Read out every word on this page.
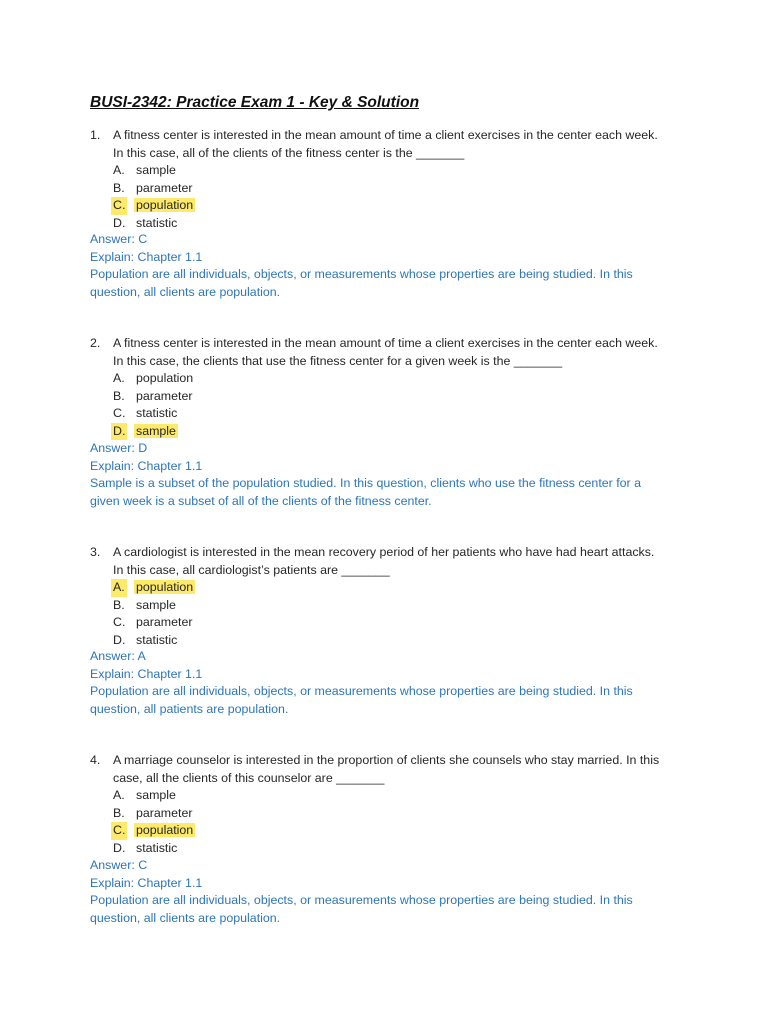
BUSI-2342: Practice Exam 1 - Key & Solution
1. A fitness center is interested in the mean amount of time a client exercises in the center each week.
In this case, all of the clients of the fitness center is the _______
A. sample
B. parameter
C. population
D. statistic
Answer: C
Explain: Chapter 1.1
Population are all individuals, objects, or measurements whose properties are being studied. In this
question, all clients are population.
2. A fitness center is interested in the mean amount of time a client exercises in the center each week.
In this case, the clients that use the fitness center for a given week is the _______
A. population
B. parameter
C. statistic
D. sample
Answer: D
Explain: Chapter 1.1
Sample is a subset of the population studied. In this question, clients who use the fitness center for a
given week is a subset of all of the clients of the fitness center.
3. A cardiologist is interested in the mean recovery period of her patients who have had heart attacks.
In this case, all cardiologist’s patients are _______
A. population
B. sample
C. parameter
D. statistic
Answer: A
Explain: Chapter 1.1
Population are all individuals, objects, or measurements whose properties are being studied. In this
question, all patients are population.
4. A marriage counselor is interested in the proportion of clients she counsels who stay married. In this
case, all the clients of this counselor are _______
A. sample
B. parameter
C. population
D. statistic
Answer: C
Explain: Chapter 1.1
Population are all individuals, objects, or measurements whose properties are being studied. In this
question, all clients are population.
